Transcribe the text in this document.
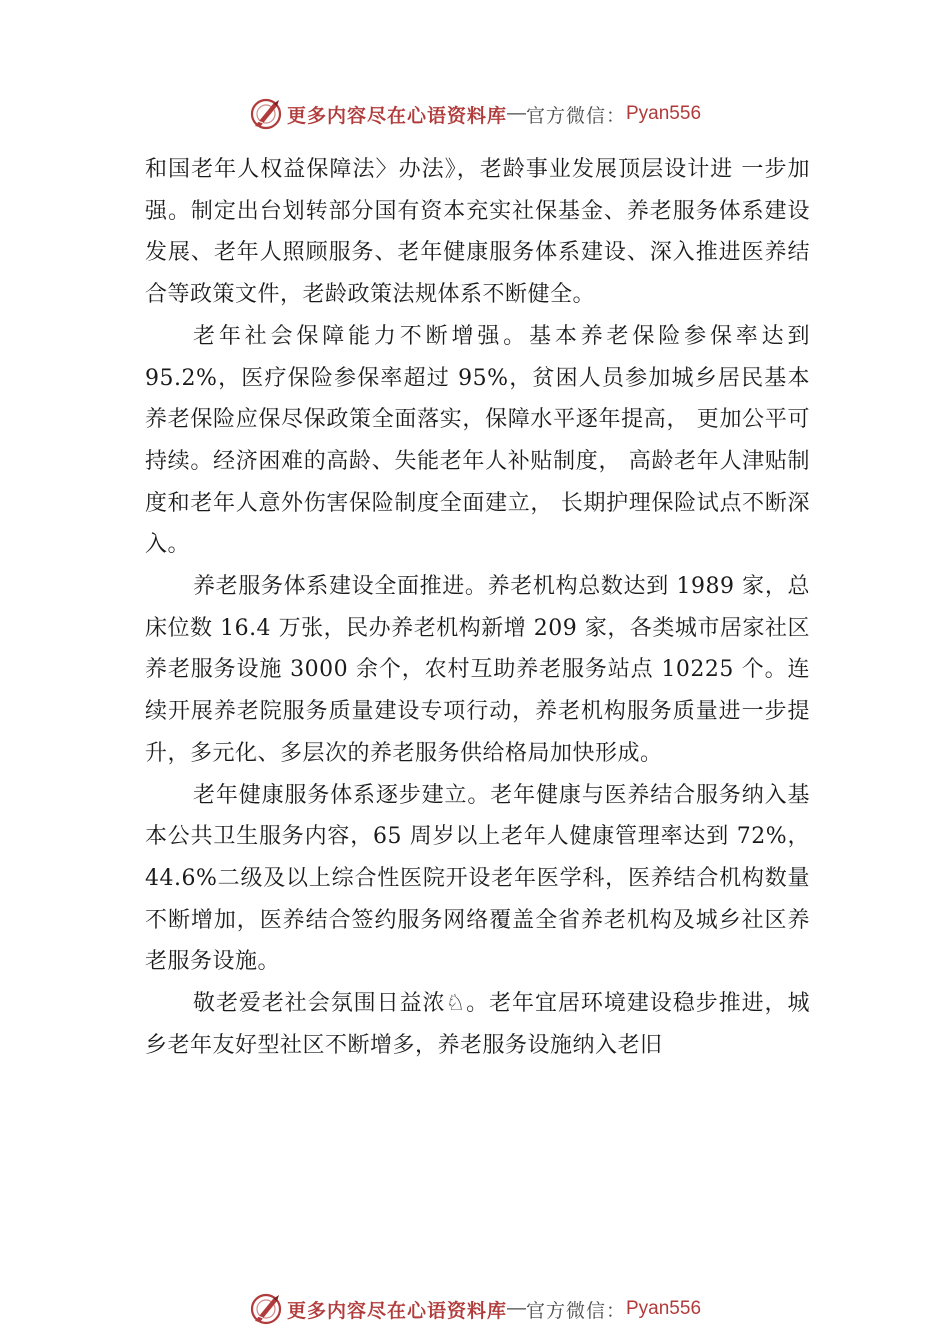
更多内容尽在心语资料库 — 官方微信： Pyan556

和国老年人权益保障法〉办法》，老龄事业发展顶层设计进 一步加强。制定出台划转部分国有资本充实社保基金、养老服务体系建设发展、老年人照顾服务、老年健康服务体系建设、深入推进医养结合等政策文件，老龄政策法规体系不断健全。

老年社会保障能力不断增强。基本养老保险参保率达到 95.2%，医疗保险参保率超过 95%，贫困人员参加城乡居民基本养老保险应保尽保政策全面落实，保障水平逐年提高， 更加公平可持续。经济困难的高龄、失能老年人补贴制度， 高龄老年人津贴制度和老年人意外伤害保险制度全面建立， 长期护理保险试点不断深入。

养老服务体系建设全面推进。养老机构总数达到 1989 家，总床位数 16.4 万张，民办养老机构新增 209 家，各类城市居家社区养老服务设施 3000 余个，农村互助养老服务站点 10225 个。连续开展养老院服务质量建设专项行动，养老机构服务质量进一步提升，多元化、多层次的养老服务供给格局加快形成。

老年健康服务体系逐步建立。老年健康与医养结合服务纳入基本公共卫生服务内容，65 周岁以上老年人健康管理率达到 72%，44.6%二级及以上综合性医院开设老年医学科，医养结合机构数量不断增加，医养结合签约服务网络覆盖全省养老机构及城乡社区养老服务设施。

敬老爱老社会氛围日益浓♘。老年宜居环境建设稳步推进，城乡老年友好型社区不断增多，养老服务设施纳入老旧

更多内容尽在心语资料库 — 官方微信： Pyan556
